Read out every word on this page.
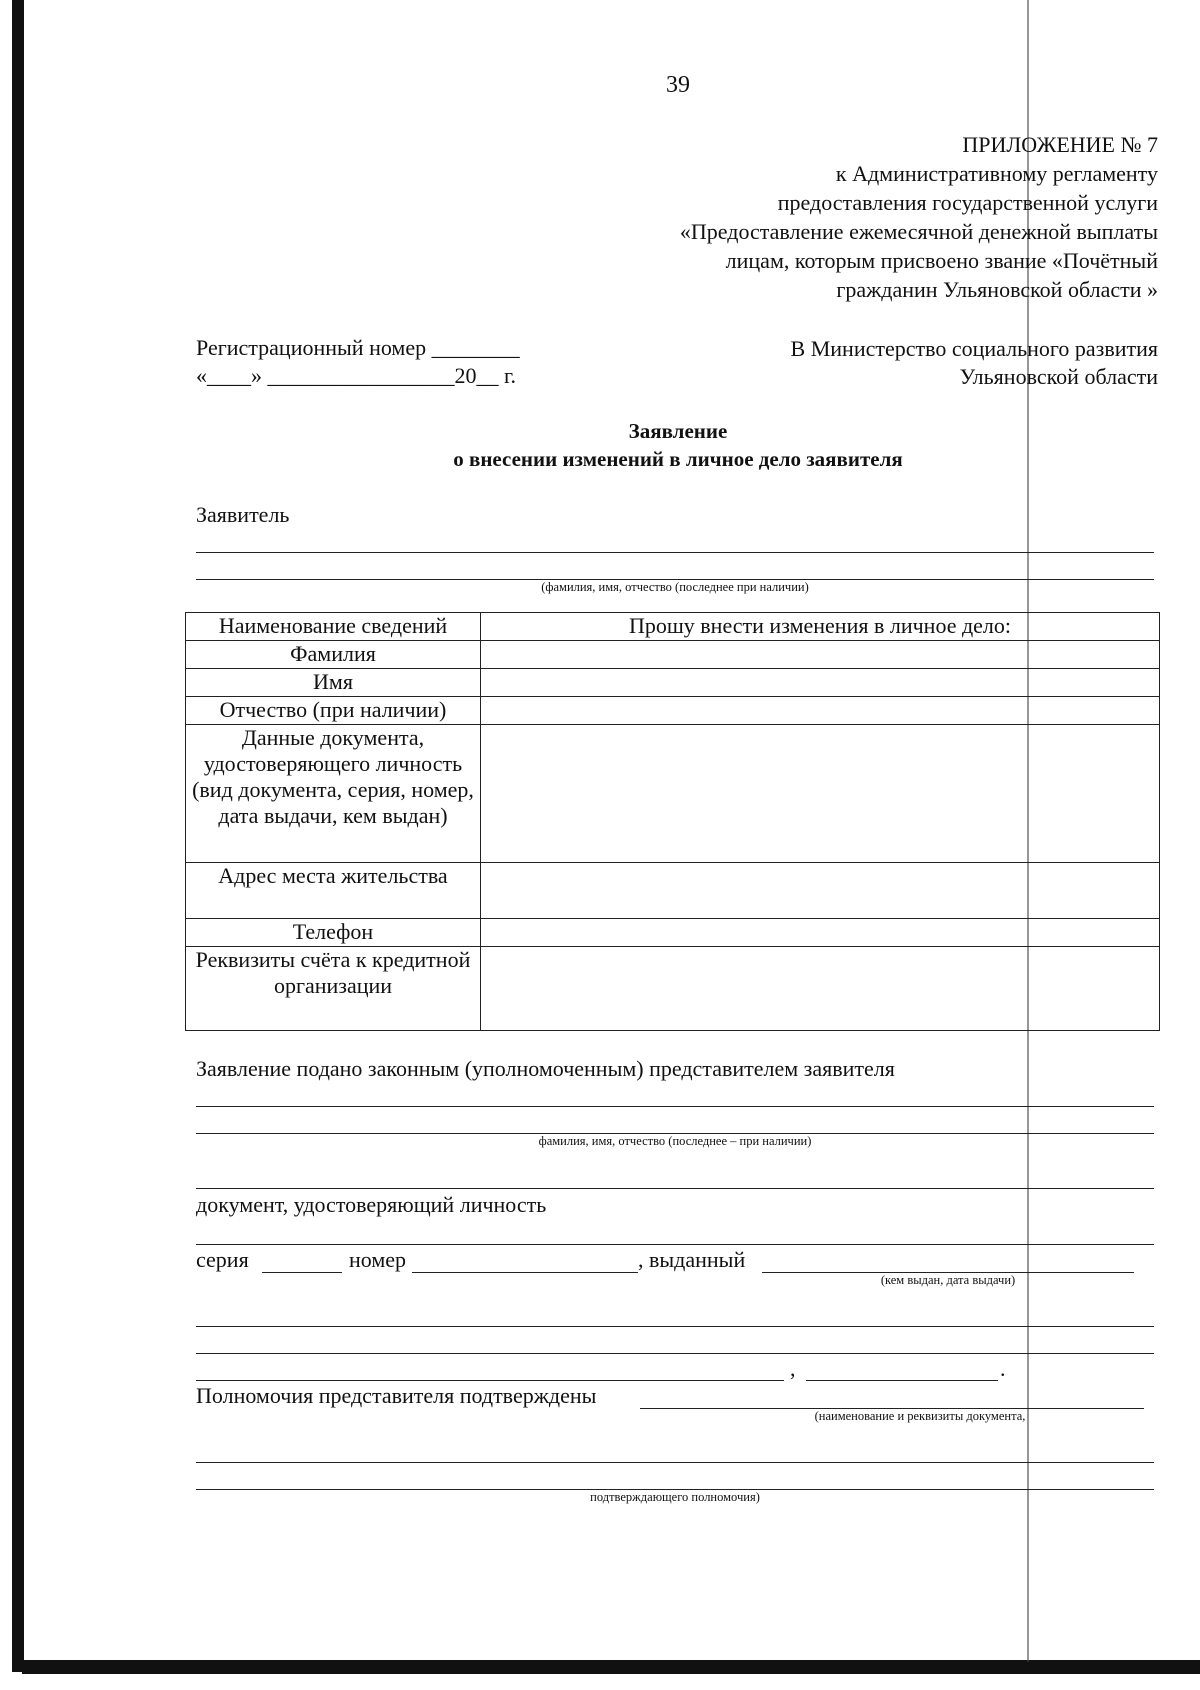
39
ПРИЛОЖЕНИЕ № 7
к Административному регламенту
предоставления государственной услуги
«Предоставление ежемесячной денежной выплаты
лицам, которым присвоено звание «Почётный
гражданин Ульяновской области »
Регистрационный номер ________
«____» _________________20__ г.
В Министерство социального развития
Ульяновской области
Заявление
о внесении изменений в личное дело заявителя
Заявитель
(фамилия, имя, отчество (последнее при наличии)
Наименование сведений	Прошу внести изменения в личное дело:
Фамилия	
Имя	
Отчество (при наличии)	
Данные документа, удостоверяющего личность (вид документа, серия, номер, дата выдачи, кем выдан)	
Адрес места жительства	
Телефон	
Реквизиты счёта к кредитной организации	
Заявление подано законным (уполномоченным) представителем заявителя
фамилия, имя, отчество (последнее – при наличии)
документ, удостоверяющий личность
серия	номер	, выданный
(кем выдан, дата выдачи)
,	.
Полномочия представителя подтверждены
(наименование и реквизиты документа,
подтверждающего полномочия)
